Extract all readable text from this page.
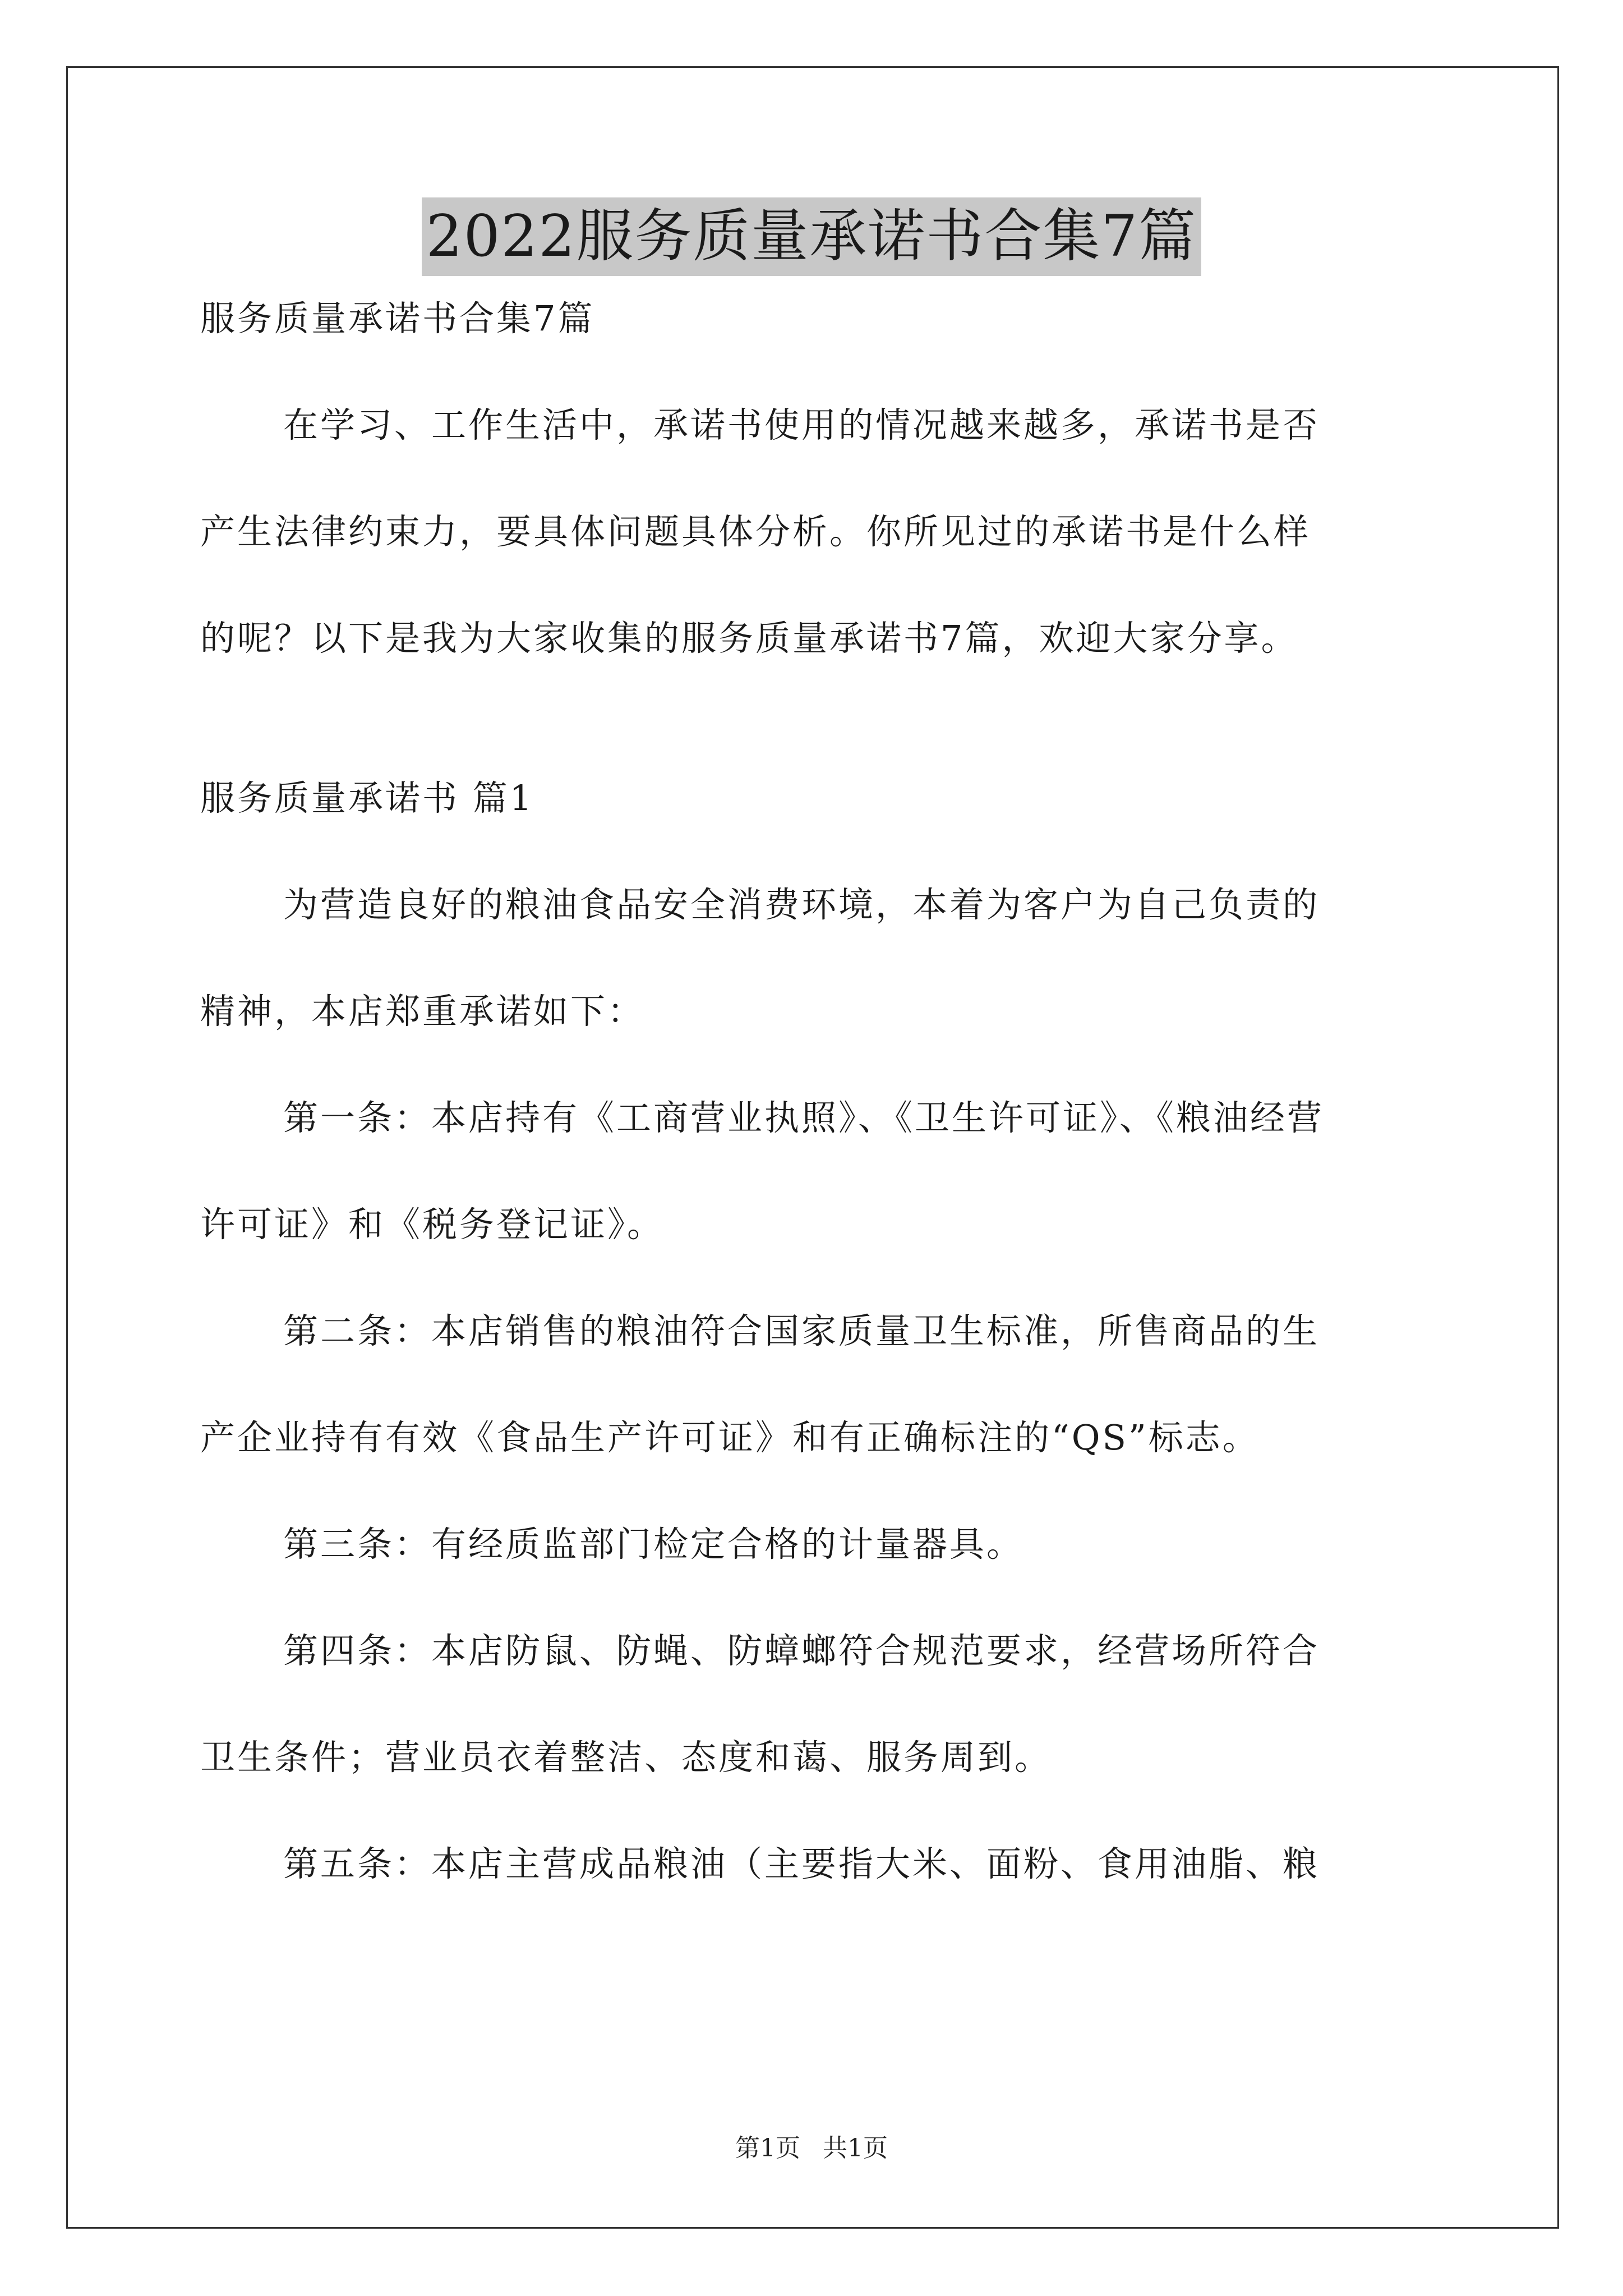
2022服务质量承诺书合集7篇
服务质量承诺书合集7篇
在学习、工作生活中，承诺书使用的情况越来越多，承诺书是否
产生法律约束力，要具体问题具体分析。你所见过的承诺书是什么样
的呢？以下是我为大家收集的服务质量承诺书7篇，欢迎大家分享。
服务质量承诺书 篇1
为营造良好的粮油食品安全消费环境，本着为客户为自己负责的
精神，本店郑重承诺如下：
第一条：本店持有《工商营业执照》、《卫生许可证》、《粮油经营
许可证》和《税务登记证》。
第二条：本店销售的粮油符合国家质量卫生标准，所售商品的生
产企业持有有效《食品生产许可证》和有正确标注的“QS”标志。
第三条：有经质监部门检定合格的计量器具。
第四条：本店防鼠、防蝇、防蟑螂符合规范要求，经营场所符合
卫生条件；营业员衣着整洁、态度和蔼、服务周到。
第五条：本店主营成品粮油（主要指大米、面粉、食用油脂、粮
第1页 共1页
